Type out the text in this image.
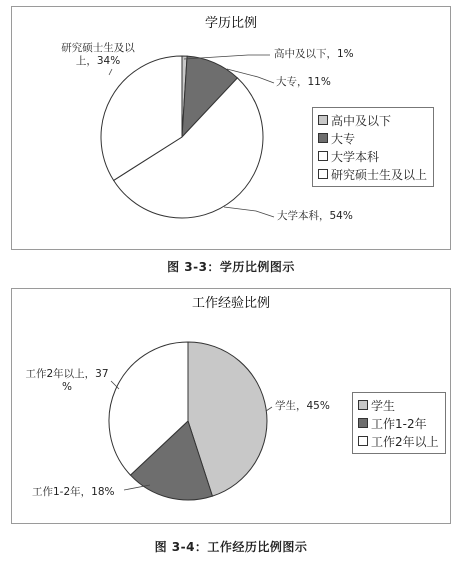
学历比例
高中及以下，1%
大专，11%
大学本科，54%
研究硕士生及以上，34%
高中及以下
大专
大学本科
研究硕士生及以上
图 3-3：学历比例图示
工作经验比例
学生，45%
工作1-2年，18%
工作2年以上，37 %
学生
工作1-2年
工作2年以上
图 3-4：工作经历比例图示
